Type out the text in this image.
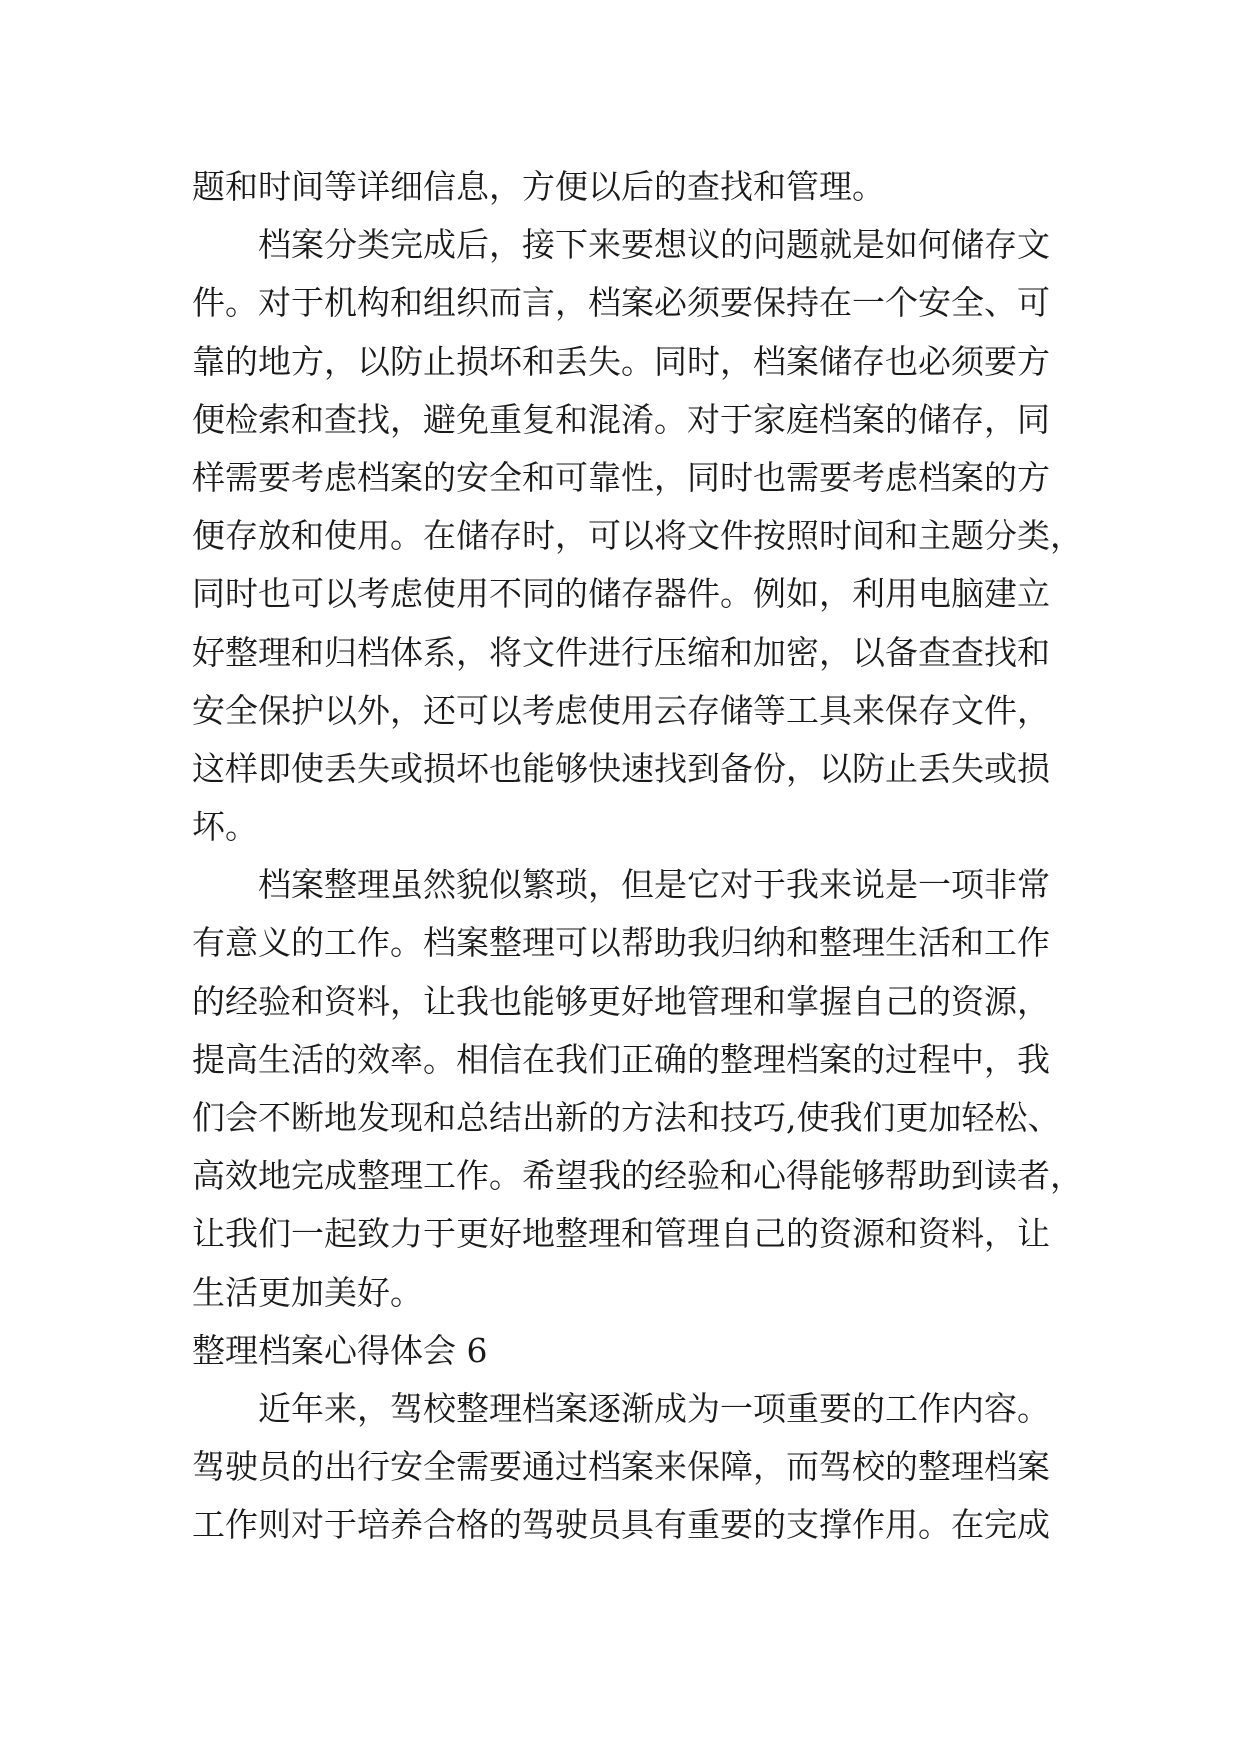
题和时间等详细信息，方便以后的查找和管理。
档案分类完成后，接下来要想议的问题就是如何储存文
件。对于机构和组织而言，档案必须要保持在一个安全、可
靠的地方，以防止损坏和丢失。同时，档案储存也必须要方
便检索和查找，避免重复和混淆。对于家庭档案的储存，同
样需要考虑档案的安全和可靠性，同时也需要考虑档案的方
便存放和使用。在储存时，可以将文件按照时间和主题分类，
同时也可以考虑使用不同的储存器件。例如，利用电脑建立
好整理和归档体系，将文件进行压缩和加密，以备查查找和
安全保护以外，还可以考虑使用云存储等工具来保存文件，
这样即使丢失或损坏也能够快速找到备份，以防止丢失或损
坏。
档案整理虽然貌似繁琐，但是它对于我来说是一项非常
有意义的工作。档案整理可以帮助我归纳和整理生活和工作
的经验和资料，让我也能够更好地管理和掌握自己的资源，
提高生活的效率。相信在我们正确的整理档案的过程中，我
们会不断地发现和总结出新的方法和技巧,使我们更加轻松、
高效地完成整理工作。希望我的经验和心得能够帮助到读者，
让我们一起致力于更好地整理和管理自己的资源和资料，让
生活更加美好。
整理档案心得体会 6
近年来，驾校整理档案逐渐成为一项重要的工作内容。
驾驶员的出行安全需要通过档案来保障，而驾校的整理档案
工作则对于培养合格的驾驶员具有重要的支撑作用。在完成
